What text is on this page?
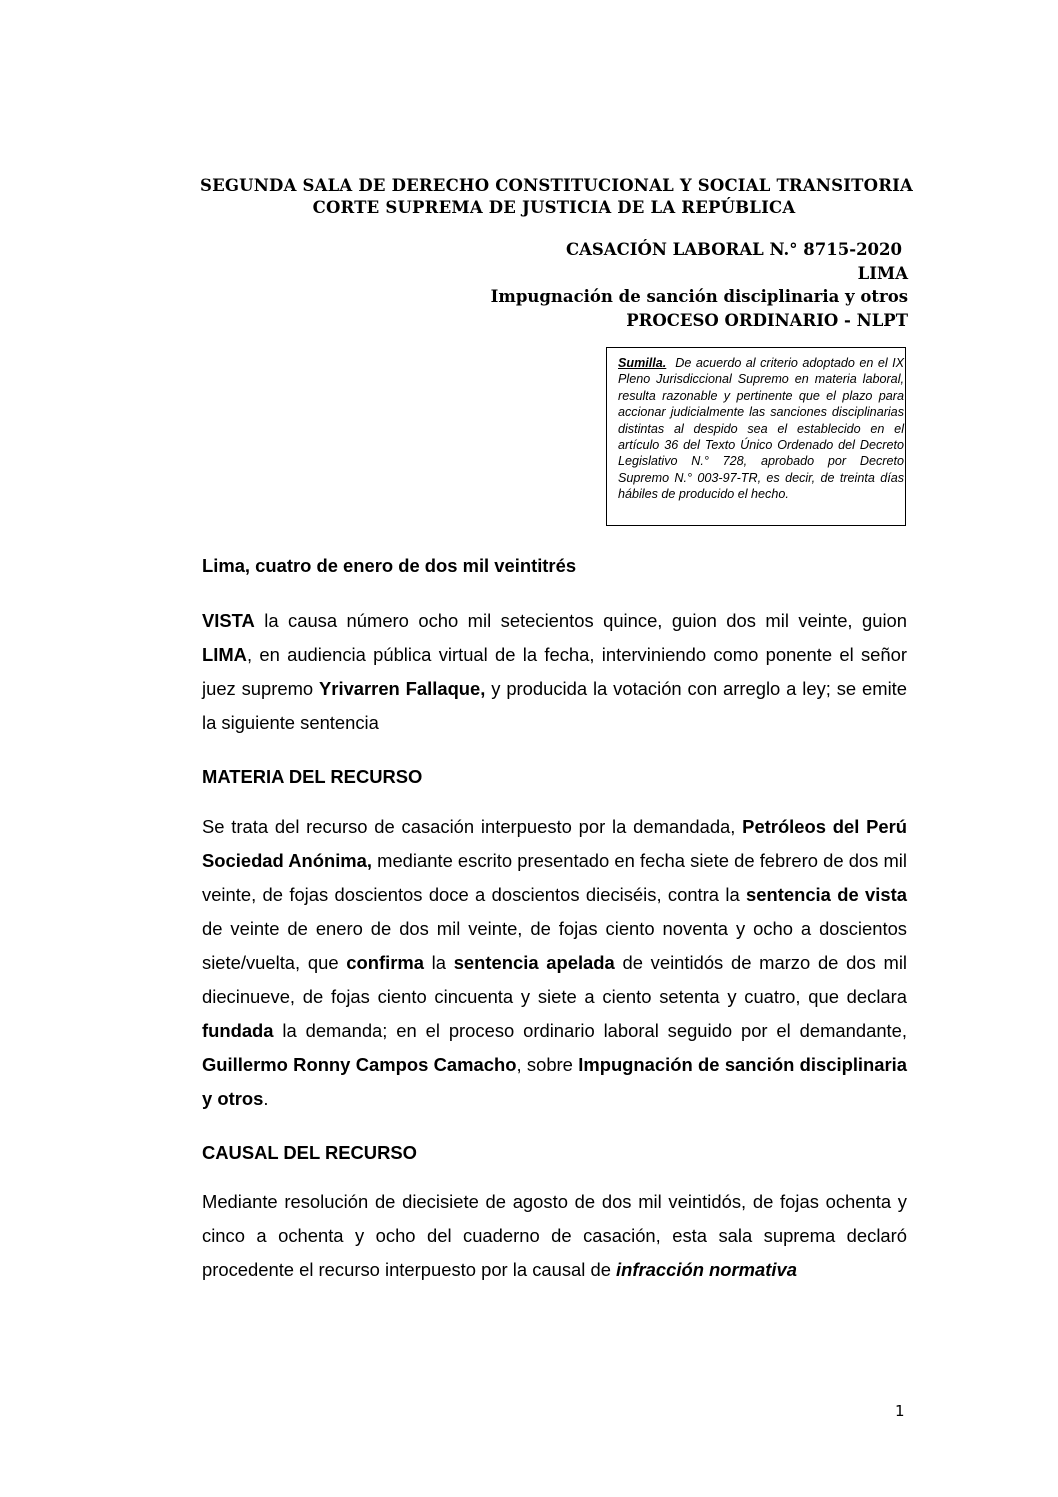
SEGUNDA SALA DE DERECHO CONSTITUCIONAL Y SOCIAL TRANSITORIA
CORTE SUPREMA DE JUSTICIA DE LA REPÚBLICA
CASACIÓN LABORAL N.° 8715-2020
LIMA
Impugnación de sanción disciplinaria y otros
PROCESO ORDINARIO - NLPT
Sumilla. De acuerdo al criterio adoptado en el IX Pleno Jurisdiccional Supremo en materia laboral, resulta razonable y pertinente que el plazo para accionar judicialmente las sanciones disciplinarias distintas al despido sea el establecido en el artículo 36 del Texto Único Ordenado del Decreto Legislativo N.° 728, aprobado por Decreto Supremo N.° 003-97-TR, es decir, de treinta días hábiles de producido el hecho.
Lima, cuatro de enero de dos mil veintitrés
VISTA la causa número ocho mil setecientos quince, guion dos mil veinte, guion LIMA, en audiencia pública virtual de la fecha, interviniendo como ponente el señor juez supremo Yrivarren Fallaque, y producida la votación con arreglo a ley; se emite la siguiente sentencia
MATERIA DEL RECURSO
Se trata del recurso de casación interpuesto por la demandada, Petróleos del Perú Sociedad Anónima, mediante escrito presentado en fecha siete de febrero de dos mil veinte, de fojas doscientos doce a doscientos dieciséis, contra la sentencia de vista de veinte de enero de dos mil veinte, de fojas ciento noventa y ocho a doscientos siete/vuelta, que confirma la sentencia apelada de veintidós de marzo de dos mil diecinueve, de fojas ciento cincuenta y siete a ciento setenta y cuatro, que declara fundada la demanda; en el proceso ordinario laboral seguido por el demandante, Guillermo Ronny Campos Camacho, sobre Impugnación de sanción disciplinaria y otros.
CAUSAL DEL RECURSO
Mediante resolución de diecisiete de agosto de dos mil veintidós, de fojas ochenta y cinco a ochenta y ocho del cuaderno de casación, esta sala suprema declaró procedente el recurso interpuesto por la causal de infracción normativa
1
